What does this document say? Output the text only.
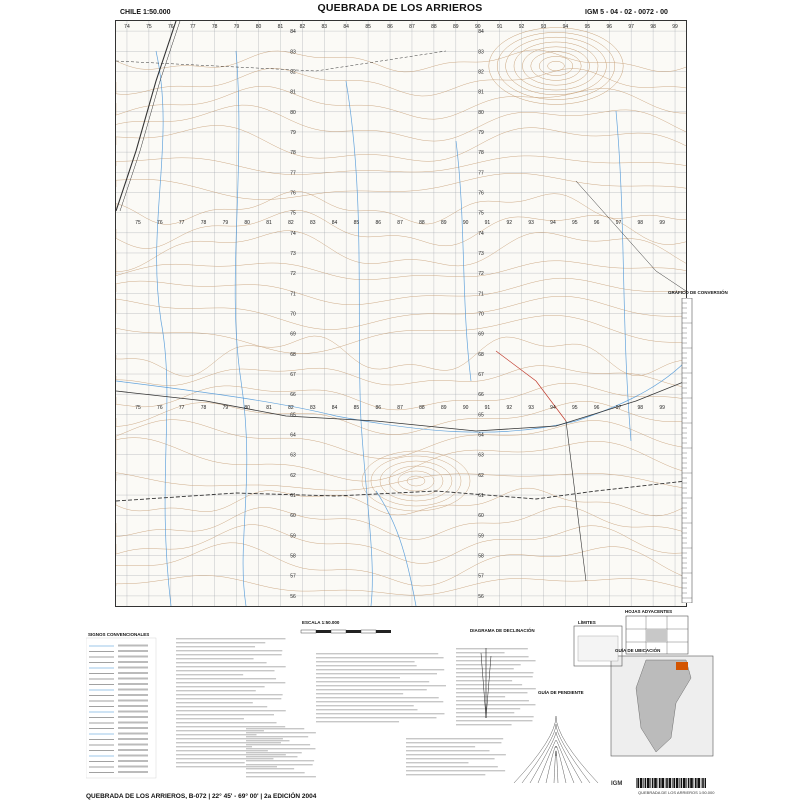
CHILE 1:50.000	QUEBRADA DE LOS ARRIEROS	IGM 5 - 04 - 02 - 0072 - 00
74	75	76	77	78	79	80	81	82	83	84	85	86	87	88	89	90	91	92	93	94	95	96	97	98	99
84	84
83	83
82	82
81	81
80	80
79	79
78	78
77	77
76	76
75	75
74	74
73	73
72	72
71	71
70	70
69	69
68	68
67	67
66	66
65	65
64	64
63	63
62	62
61	61
60	60
59	59
58	58
57	57
56	56
75	76	77	78	79	80	81	82	83	84	85	86	87	88	89	90	91	92	93	94	95	96	97	98	99
75	76	77	78	79	80	81	82	83	84	85	86	87	88	89	90	91	92	93	94	95	96	97	98	99
GRÁFICO DE CONVERSIÓN
SIGNOS CONVENCIONALES
ESCALA 1:50.000
DIAGRAMA DE DECLINACIÓN
GUÍA DE UBICACIÓN
GUÍA DE PENDIENTE
HOJAS ADYACENTES
LÍMITES
QUEBRADA DE LOS ARRIEROS, B-072 | 22° 45' - 69° 00' | 2a EDICIÓN 2004
IGM
QUEBRADA DE LOS ARRIEROS 1:50.000
